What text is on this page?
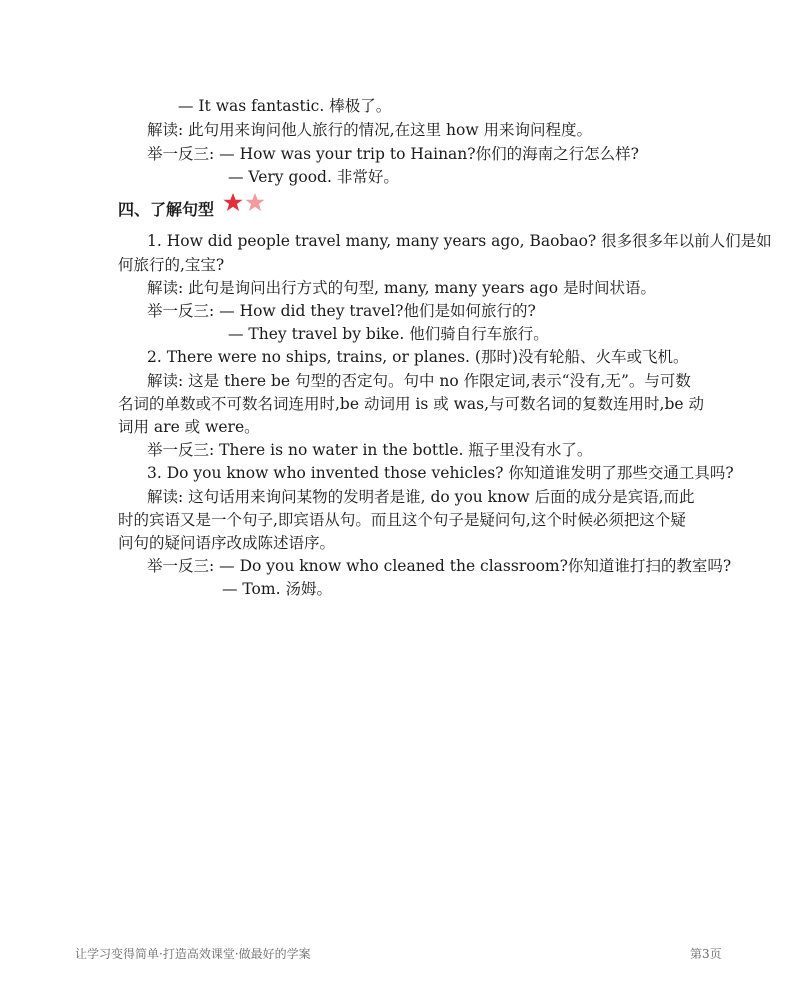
— It was fantastic. 棒极了。
解读: 此句用来询问他人旅行的情况,在这里 how 用来询问程度。
举一反三: — How was your trip to Hainan?你们的海南之行怎么样?
— Very good. 非常好。
四、了解句型
1. How did people travel many, many years ago, Baobao? 很多很多年以前人们是如
何旅行的,宝宝?
解读: 此句是询问出行方式的句型, many, many years ago 是时间状语。
举一反三: — How did they travel?他们是如何旅行的?
— They travel by bike. 他们骑自行车旅行。
2. There were no ships, trains, or planes. (那时)没有轮船、火车或飞机。
解读: 这是 there be 句型的否定句。句中 no 作限定词,表示“没有,无”。与可数
名词的单数或不可数名词连用时,be 动词用 is 或 was,与可数名词的复数连用时,be 动
词用 are 或 were。
举一反三: There is no water in the bottle. 瓶子里没有水了。
3. Do you know who invented those vehicles? 你知道谁发明了那些交通工具吗?
解读: 这句话用来询问某物的发明者是谁, do you know 后面的成分是宾语,而此
时的宾语又是一个句子,即宾语从句。而且这个句子是疑问句,这个时候必须把这个疑
问句的疑问语序改成陈述语序。
举一反三: — Do you know who cleaned the classroom?你知道谁打扫的教室吗?
— Tom. 汤姆。
让学习变得简单·打造高效课堂·做最好的学案	第3页
